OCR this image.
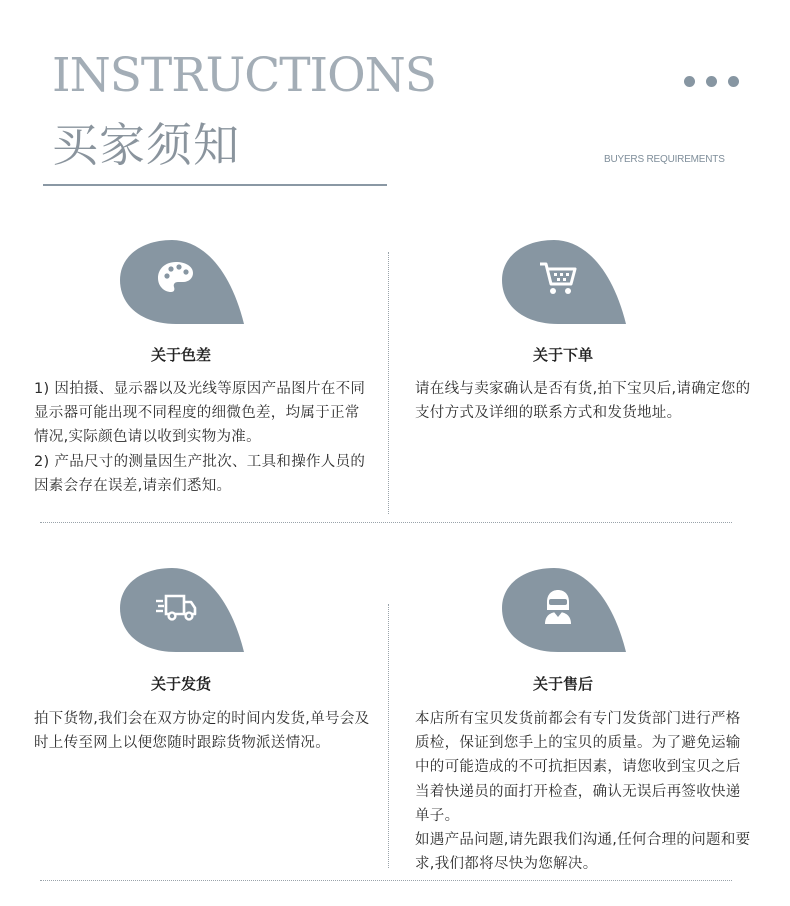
INSTRUCTIONS
买家须知	BUYERS REQUIREMENTS
关于色差

1) 因拍摄、显示器以及光线等原因产品图片在不同显示器可能出现不同程度的细微色差，均属于正常情况,实际颜色请以收到实物为准。

2) 产品尺寸的测量因生产批次、工具和操作人员的因素会存在误差,请亲们悉知。

关于下单

请在线与卖家确认是否有货,拍下宝贝后,请确定您的支付方式及详细的联系方式和发货地址。

关于发货

拍下货物,我们会在双方协定的时间内发货,单号会及时上传至网上以便您随时跟踪货物派送情况。

关于售后

本店所有宝贝发货前都会有专门发货部门进行严格质检，保证到您手上的宝贝的质量。为了避免运输中的可能造成的不可抗拒因素，请您收到宝贝之后当着快递员的面打开检查，确认无误后再签收快递单子。

如遇产品问题,请先跟我们沟通,任何合理的问题和要求,我们都将尽快为您解决。
